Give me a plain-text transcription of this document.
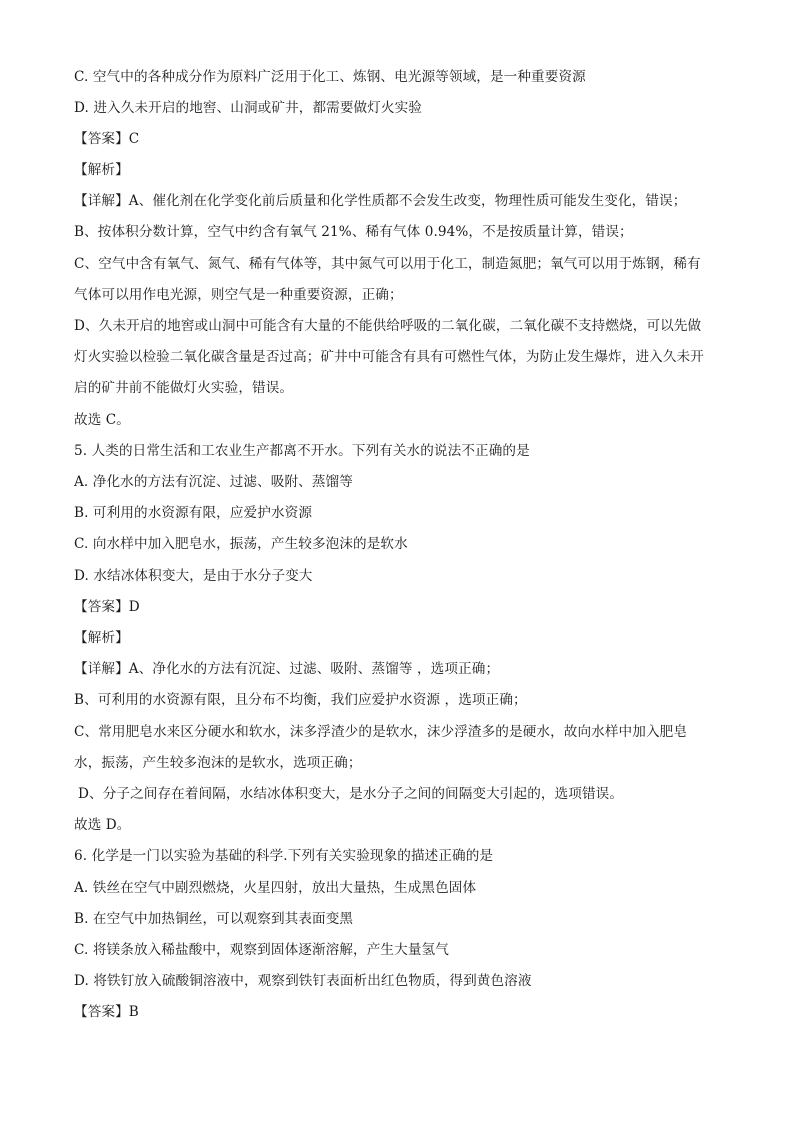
C. 空气中的各种成分作为原料广泛用于化工、炼钢、电光源等领域，是一种重要资源
D. 进入久未开启的地窖、山洞或矿井，都需要做灯火实验
【答案】C
【解析】
【详解】A、催化剂在化学变化前后质量和化学性质都不会发生改变，物理性质可能发生变化，错误；
B、按体积分数计算，空气中约含有氧气 21%、稀有气体 0.94%，不是按质量计算，错误；
C、空气中含有氧气、氮气、稀有气体等，其中氮气可以用于化工，制造氮肥；氧气可以用于炼钢，稀有
气体可以用作电光源，则空气是一种重要资源，正确；
D、久未开启的地窖或山洞中可能含有大量的不能供给呼吸的二氧化碳，二氧化碳不支持燃烧，可以先做
灯火实验以检验二氧化碳含量是否过高；矿井中可能含有具有可燃性气体，为防止发生爆炸，进入久未开
启的矿井前不能做灯火实验，错误。
故选 C。
5. 人类的日常生活和工农业生产都离不开水。下列有关水的说法不正确的是
A. 净化水的方法有沉淀、过滤、吸附、蒸馏等
B. 可利用的水资源有限，应爱护水资源
C. 向水样中加入肥皂水，振荡，产生较多泡沫的是软水
D. 水结冰体积变大，是由于水分子变大
【答案】D
【解析】
【详解】A、净化水的方法有沉淀、过滤、吸附、蒸馏等 ，选项正确；
B、可利用的水资源有限，且分布不均衡，我们应爱护水资源 ，选项正确；
C、常用肥皂水来区分硬水和软水，沫多浮渣少的是软水，沫少浮渣多的是硬水，故向水样中加入肥皂
水，振荡，产生较多泡沫的是软水，选项正确；
D、分子之间存在着间隔，水结冰体积变大，是水分子之间的间隔变大引起的，选项错误。
故选 D。
6. 化学是一门以实验为基础的科学.下列有关实验现象的描述正确的是
A. 铁丝在空气中剧烈燃烧，火星四射，放出大量热，生成黑色固体
B. 在空气中加热铜丝，可以观察到其表面变黑
C. 将镁条放入稀盐酸中，观察到固体逐渐溶解，产生大量氢气
D. 将铁钉放入硫酸铜溶液中，观察到铁钉表面析出红色物质，得到黄色溶液
【答案】B
